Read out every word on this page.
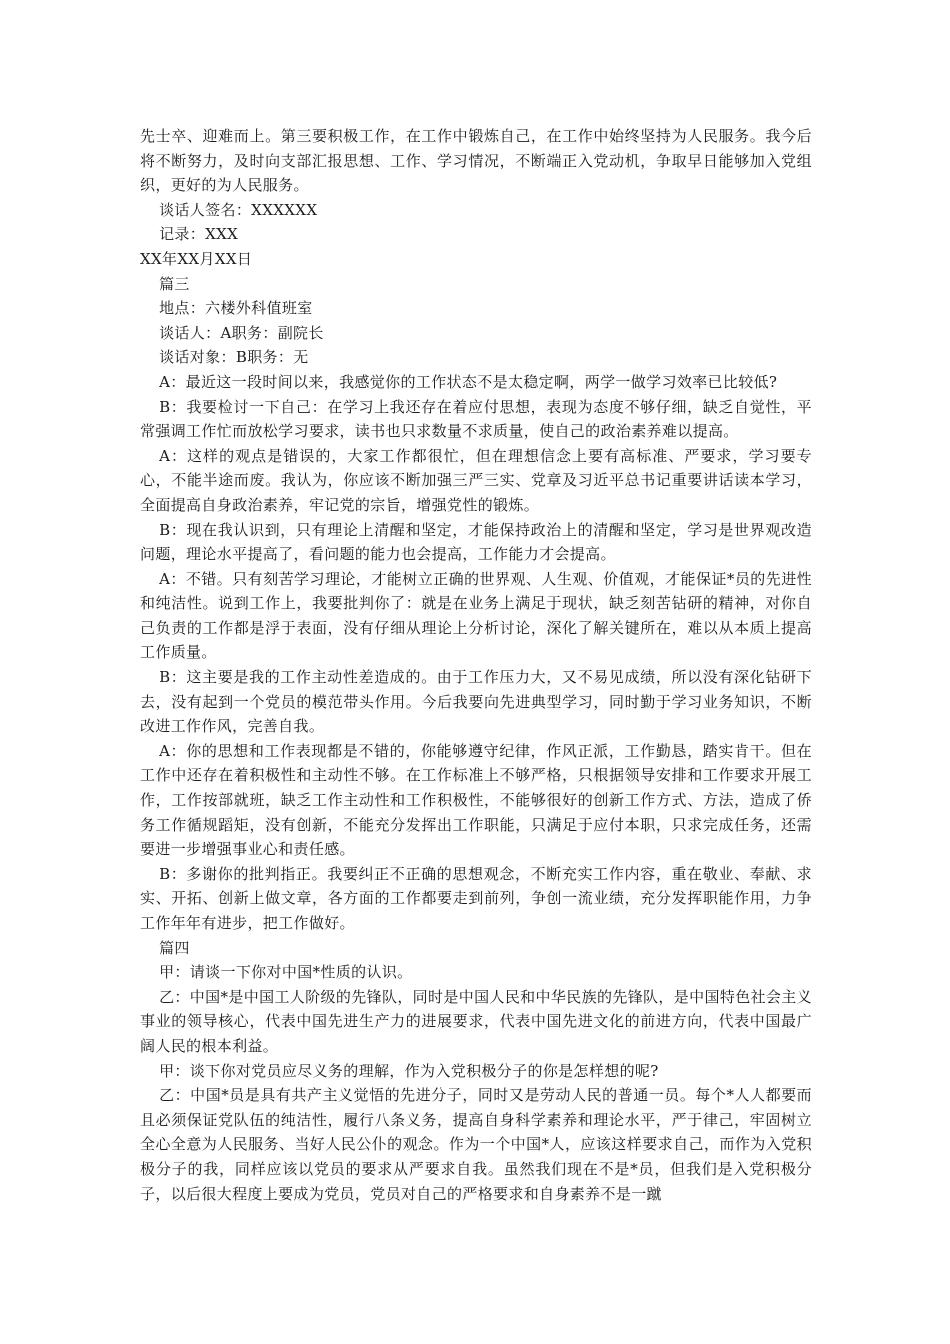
先士卒、迎难而上。第三要积极工作，在工作中锻炼自己，在工作中始终坚持为人民服务。我今后将不断努力，及时向支部汇报思想、工作、学习情况，不断端正入党动机，争取早日能够加入党组织，更好的为人民服务。

谈话人签名：XXXXXX

记录：XXX

XX年XX月XX日

篇三

地点：六楼外科值班室

谈话人：A职务：副院长

谈话对象：B职务：无

A：最近这一段时间以来，我感觉你的工作状态不是太稳定啊，两学一做学习效率已比较低?

B：我要检讨一下自己：在学习上我还存在着应付思想，表现为态度不够仔细，缺乏自觉性，平常强调工作忙而放松学习要求，读书也只求数量不求质量，使自己的政治素养难以提高。

A：这样的观点是错误的，大家工作都很忙，但在理想信念上要有高标准、严要求，学习要专心，不能半途而废。我认为，你应该不断加强三严三实、党章及习近平总书记重要讲话读本学习，全面提高自身政治素养，牢记党的宗旨，增强党性的锻炼。

B：现在我认识到，只有理论上清醒和坚定，才能保持政治上的清醒和坚定，学习是世界观改造问题，理论水平提高了，看问题的能力也会提高，工作能力才会提高。

A：不错。只有刻苦学习理论，才能树立正确的世界观、人生观、价值观，才能保证*员的先进性和纯洁性。说到工作上，我要批判你了：就是在业务上满足于现状，缺乏刻苦钻研的精神，对你自己负责的工作都是浮于表面，没有仔细从理论上分析讨论，深化了解关键所在，难以从本质上提高工作质量。

B：这主要是我的工作主动性差造成的。由于工作压力大，又不易见成绩，所以没有深化钻研下去，没有起到一个党员的模范带头作用。今后我要向先进典型学习，同时勤于学习业务知识，不断改进工作作风，完善自我。

A：你的思想和工作表现都是不错的，你能够遵守纪律，作风正派，工作勤恳，踏实肯干。但在工作中还存在着积极性和主动性不够。在工作标准上不够严格，只根据领导安排和工作要求开展工作，工作按部就班，缺乏工作主动性和工作积极性，不能够很好的创新工作方式、方法，造成了侨务工作循规蹈矩，没有创新，不能充分发挥出工作职能，只满足于应付本职，只求完成任务，还需要进一步增强事业心和责任感。

B：多谢你的批判指正。我要纠正不正确的思想观念，不断充实工作内容，重在敬业、奉献、求实、开拓、创新上做文章，各方面的工作都要走到前列，争创一流业绩，充分发挥职能作用，力争工作年年有进步，把工作做好。

篇四

甲：请谈一下你对中国*性质的认识。

乙：中国*是中国工人阶级的先锋队，同时是中国人民和中华民族的先锋队，是中国特色社会主义事业的领导核心，代表中国先进生产力的进展要求，代表中国先进文化的前进方向，代表中国最广阔人民的根本利益。

甲：谈下你对党员应尽义务的理解，作为入党积极分子的你是怎样想的呢?

乙：中国*员是具有共产主义觉悟的先进分子，同时又是劳动人民的普通一员。每个*人人都要而且必须保证党队伍的纯洁性，履行八条义务，提高自身科学素养和理论水平，严于律己，牢固树立全心全意为人民服务、当好人民公仆的观念。作为一个中国*人，应该这样要求自己，而作为入党积极分子的我，同样应该以党员的要求从严要求自我。虽然我们现在不是*员，但我们是入党积极分子，以后很大程度上要成为党员，党员对自己的严格要求和自身素养不是一蹴
